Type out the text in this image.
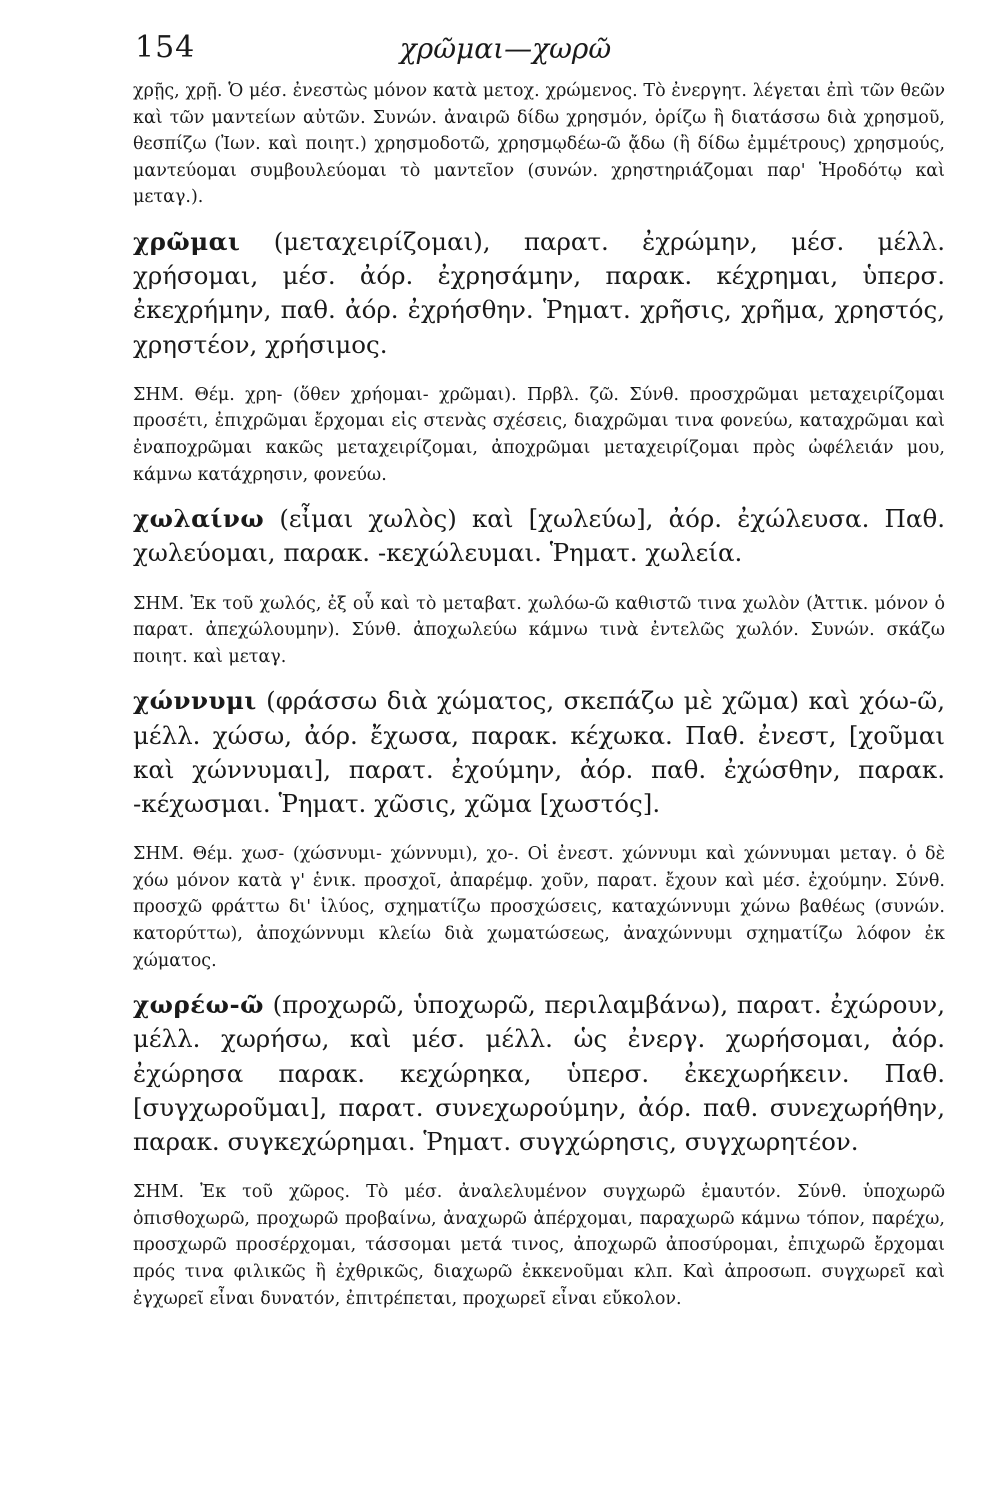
154	χρῶμαι—χωρῶ

χρῇς, χρῇ. Ὁ μέσ. ἐνεστὼς μόνον κατὰ μετοχ. χρώμενος. Τὸ ἐνεργητ. λέγεται ἐπὶ τῶν θεῶν καὶ τῶν μαντείων αὐτῶν. Συνών. ἀναιρῶ δίδω χρησμόν, ὁρίζω ἢ διατάσσω διὰ χρησμοῦ, θεσπίζω (Ἰων. καὶ ποιητ.) χρησμοδοτῶ, χρησμῳδέω-ῶ ᾄδω (ἢ δίδω ἐμμέτρους) χρησμούς, μαντεύομαι συμβουλεύομαι τὸ μαντεῖον (συνών. χρηστηριάζομαι παρ' Ἡροδότῳ καὶ μεταγ.).

χρῶμαι (μεταχειρίζομαι), παρατ. ἐχρώμην, μέσ. μέλλ. χρήσομαι, μέσ. ἀόρ. ἐχρησάμην, παρακ. κέχρημαι, ὑπερσ. ἐκεχρήμην, παθ. ἀόρ. ἐχρήσθην. Ῥηματ. χρῆσις, χρῆμα, χρηστός, χρηστέον, χρήσιμος.

ΣΗΜ. Θέμ. χρη- (ὅθεν χρήομαι- χρῶμαι). Πρβλ. ζῶ. Σύνθ. προσχρῶμαι μεταχειρίζομαι προσέτι, ἐπιχρῶμαι ἔρχομαι εἰς στενὰς σχέσεις, διαχρῶμαι τινα φονεύω, καταχρῶμαι καὶ ἐναποχρῶμαι κακῶς μεταχειρίζομαι, ἀποχρῶμαι μεταχειρίζομαι πρὸς ὠφέλειάν μου, κάμνω κατάχρησιν, φονεύω.

χωλαίνω (εἶμαι χωλὸς) καὶ [χωλεύω], ἀόρ. ἐχώλευσα. Παθ. χωλεύομαι, παρακ. -κεχώλευμαι. Ῥηματ. χωλεία.

ΣΗΜ. Ἐκ τοῦ χωλός, ἐξ οὗ καὶ τὸ μεταβατ. χωλόω-ῶ καθιστῶ τινα χωλὸν (Ἀττικ. μόνον ὁ παρατ. ἀπεχώλουμην). Σύνθ. ἀποχωλεύω κάμνω τινὰ ἐντελῶς χωλόν. Συνών. σκάζω ποιητ. καὶ μεταγ.

χώννυμι (φράσσω διὰ χώματος, σκεπάζω μὲ χῶμα) καὶ χόω-ῶ, μέλλ. χώσω, ἀόρ. ἔχωσα, παρακ. κέχωκα. Παθ. ἐνεστ, [χοῦμαι καὶ χώννυμαι], παρατ. ἐχούμην, ἀόρ. παθ. ἐχώσθην, παρακ. -κέχωσμαι. Ῥηματ. χῶσις, χῶμα [χωστός].

ΣΗΜ. Θέμ. χωσ- (χώσνυμι- χώννυμι), χο-. Οἱ ἐνεστ. χώννυμι καὶ χώννυμαι μεταγ. ὁ δὲ χόω μόνον κατὰ γ' ἑνικ. προσχοῖ, ἀπαρέμφ. χοῦν, παρατ. ἔχουν καὶ μέσ. ἐχούμην. Σύνθ. προσχῶ φράττω δι' ἰλύος, σχηματίζω προσχώσεις, καταχώννυμι χώνω βαθέως (συνών. κατορύττω), ἀποχώννυμι κλείω διὰ χωματώσεως, ἀναχώννυμι σχηματίζω λόφον ἐκ χώματος.

χωρέω-ῶ (προχωρῶ, ὑποχωρῶ, περιλαμβάνω), παρατ. ἐχώρουν, μέλλ. χωρήσω, καὶ μέσ. μέλλ. ὡς ἐνεργ. χωρήσομαι, ἀόρ. ἐχώρησα παρακ. κεχώρηκα, ὑπερσ. ἐκεχωρήκειν. Παθ. [συγχωροῦμαι], παρατ. συνεχωρούμην, ἀόρ. παθ. συνεχωρήθην, παρακ. συγκεχώρημαι. Ῥηματ. συγχώρησις, συγχωρητέον.

ΣΗΜ. Ἐκ τοῦ χῶρος. Τὸ μέσ. ἀναλελυμένον συγχωρῶ ἐμαυτόν. Σύνθ. ὑποχωρῶ ὀπισθοχωρῶ, προχωρῶ προβαίνω, ἀναχωρῶ ἀπέρχομαι, παραχωρῶ κάμνω τόπον, παρέχω, προσχωρῶ προσέρχομαι, τάσσομαι μετά τινος, ἀποχωρῶ ἀποσύρομαι, ἐπιχωρῶ ἔρχομαι πρός τινα φιλικῶς ἢ ἐχθρικῶς, διαχωρῶ ἐκκενοῦμαι κλπ. Καὶ ἀπροσωπ. συγχωρεῖ καὶ ἐγχωρεῖ εἶναι δυνατόν, ἐπιτρέπεται, προχωρεῖ εἶναι εὔκολον.
